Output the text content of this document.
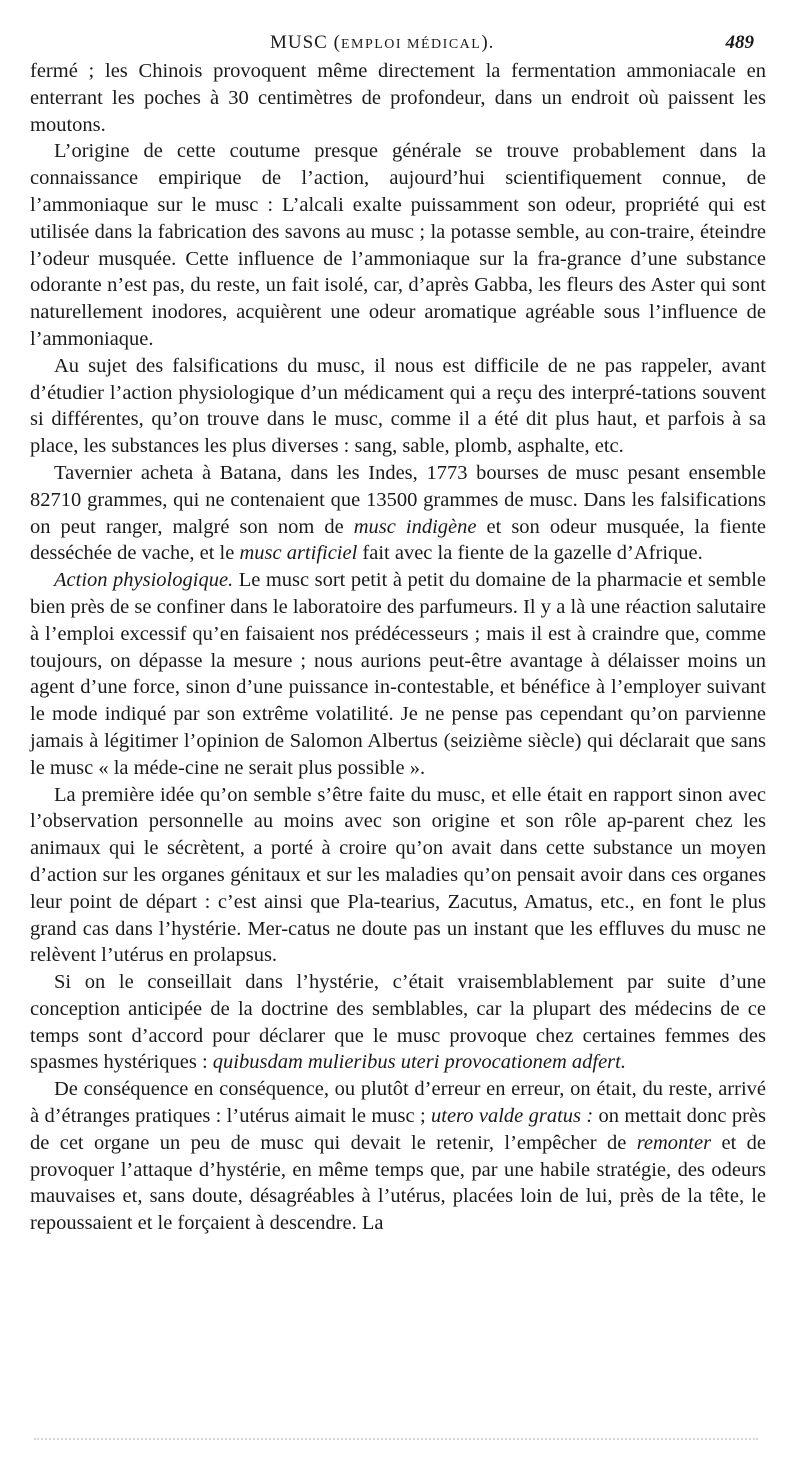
MUSC (EMPLOI MÉDICAL).	489

fermé ; les Chinois provoquent même directement la fermentation ammoniacale en enterrant les poches à 30 centimètres de profondeur, dans un endroit où paissent les moutons.

L’origine de cette coutume presque générale se trouve probablement dans la connaissance empirique de l’action, aujourd’hui scientifiquement connue, de l’ammoniaque sur le musc : L’alcali exalte puissamment son odeur, propriété qui est utilisée dans la fabrication des savons au musc ; la potasse semble, au con-traire, éteindre l’odeur musquée. Cette influence de l’ammoniaque sur la fra-grance d’une substance odorante n’est pas, du reste, un fait isolé, car, d’après Gabba, les fleurs des Aster qui sont naturellement inodores, acquièrent une odeur aromatique agréable sous l’influence de l’ammoniaque.

Au sujet des falsifications du musc, il nous est difficile de ne pas rappeler, avant d’étudier l’action physiologique d’un médicament qui a reçu des interpré-tations souvent si différentes, qu’on trouve dans le musc, comme il a été dit plus haut, et parfois à sa place, les substances les plus diverses : sang, sable, plomb, asphalte, etc.

Tavernier acheta à Batana, dans les Indes, 1773 bourses de musc pesant ensemble 82710 grammes, qui ne contenaient que 13500 grammes de musc. Dans les falsifications on peut ranger, malgré son nom de musc indigène et son odeur musquée, la fiente desséchée de vache, et le musc artificiel fait avec la fiente de la gazelle d’Afrique.

Action physiologique. Le musc sort petit à petit du domaine de la pharmacie et semble bien près de se confiner dans le laboratoire des parfumeurs. Il y a là une réaction salutaire à l’emploi excessif qu’en faisaient nos prédécesseurs ; mais il est à craindre que, comme toujours, on dépasse la mesure ; nous aurions peut-être avantage à délaisser moins un agent d’une force, sinon d’une puissance in-contestable, et bénéfice à l’employer suivant le mode indiqué par son extrême volatilité. Je ne pense pas cependant qu’on parvienne jamais à légitimer l’opinion de Salomon Albertus (seizième siècle) qui déclarait que sans le musc « la méde-cine ne serait plus possible ».

La première idée qu’on semble s’être faite du musc, et elle était en rapport sinon avec l’observation personnelle au moins avec son origine et son rôle ap-parent chez les animaux qui le sécrètent, a porté à croire qu’on avait dans cette substance un moyen d’action sur les organes génitaux et sur les maladies qu’on pensait avoir dans ces organes leur point de départ : c’est ainsi que Pla-tearius, Zacutus, Amatus, etc., en font le plus grand cas dans l’hystérie. Mer-catus ne doute pas un instant que les effluves du musc ne relèvent l’utérus en prolapsus.

Si on le conseillait dans l’hystérie, c’était vraisemblablement par suite d’une conception anticipée de la doctrine des semblables, car la plupart des médecins de ce temps sont d’accord pour déclarer que le musc provoque chez certaines femmes des spasmes hystériques : quibusdam mulieribus uteri provocationem adfert.

De conséquence en conséquence, ou plutôt d’erreur en erreur, on était, du reste, arrivé à d’étranges pratiques : l’utérus aimait le musc ; utero valde gratus : on mettait donc près de cet organe un peu de musc qui devait le retenir, l’empêcher de remonter et de provoquer l’attaque d’hystérie, en même temps que, par une habile stratégie, des odeurs mauvaises et, sans doute, désagréables à l’utérus, placées loin de lui, près de la tête, le repoussaient et le forçaient à descendre. La
